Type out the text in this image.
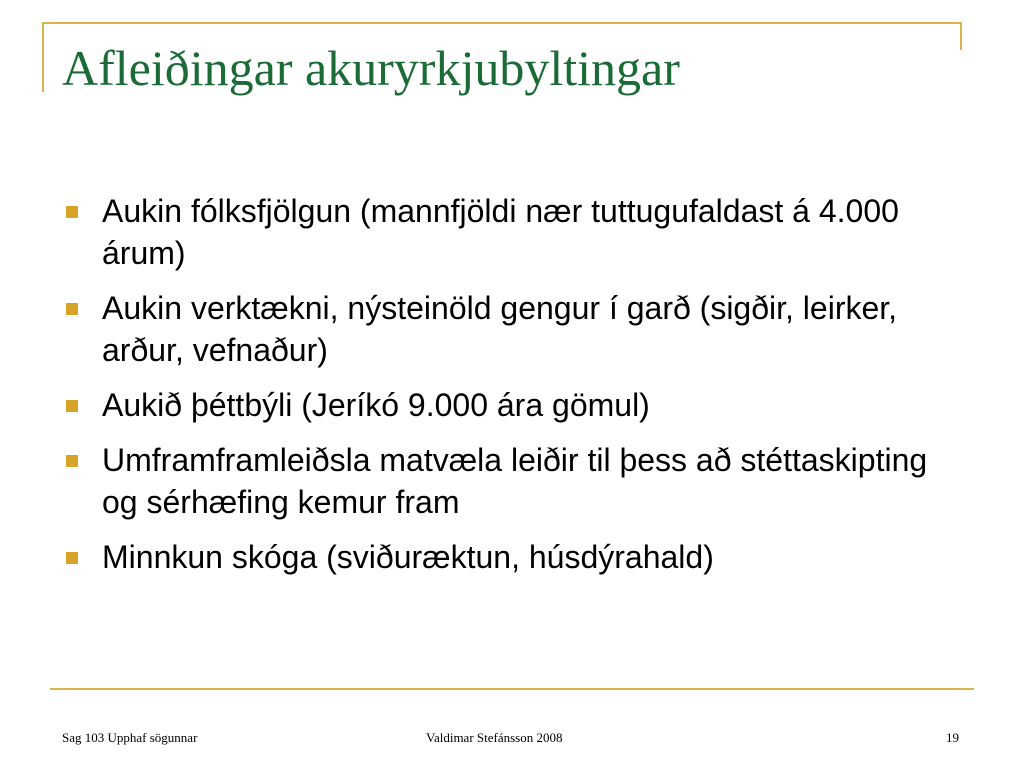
Afleiðingar akuryrkjubyltingar
Aukin fólksfjölgun (mannfjöldi nær tuttugufaldast á 4.000 árum)
Aukin verktækni, nýsteinöld gengur í garð (sigðir, leirker, arður, vefnaður)
Aukið þéttbýli (Jeríkó 9.000 ára gömul)
Umframframleiðsla matvæla leiðir til þess að stéttaskipting og sérhæfing kemur fram
Minnkun skóga (sviðuræktun, húsdýrahald)
Sag 103 Upphaf sögunnar	Valdimar Stefánsson 2008	19
